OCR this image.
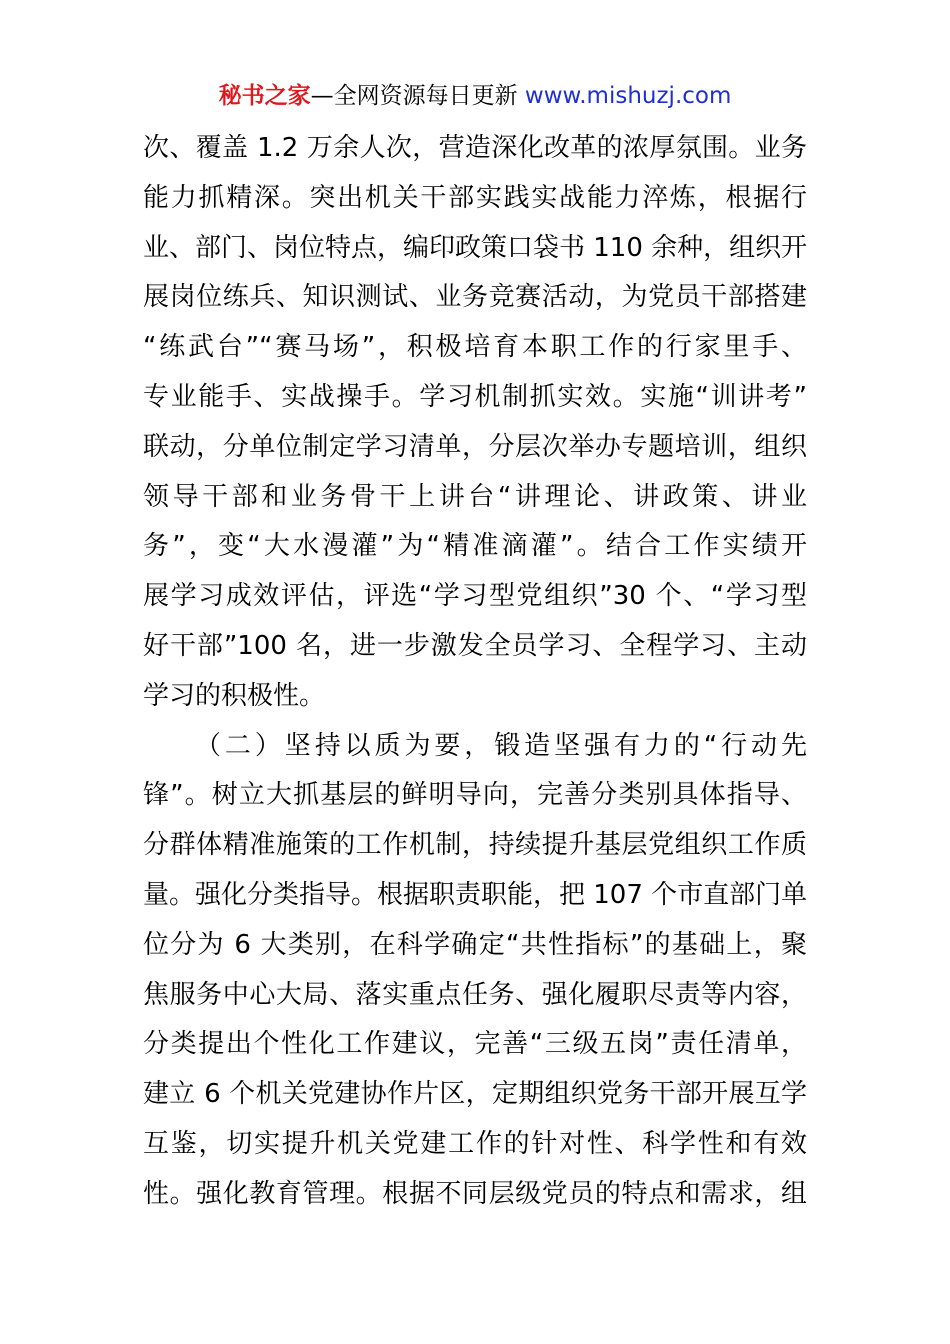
秘书之家—全网资源每日更新 www.mishuzj.com
次、覆盖 1.2 万余人次，营造深化改革的浓厚氛围。业务
能力抓精深。突出机关干部实践实战能力淬炼，根据行
业、部门、岗位特点，编印政策口袋书 110 余种，组织开
展岗位练兵、知识测试、业务竞赛活动，为党员干部搭建
“练武台”“赛马场”，积极培育本职工作的行家里手、
专业能手、实战操手。学习机制抓实效。实施“训讲考”
联动，分单位制定学习清单，分层次举办专题培训，组织
领导干部和业务骨干上讲台“讲理论、讲政策、讲业
务”，变“大水漫灌”为“精准滴灌”。结合工作实绩开
展学习成效评估，评选“学习型党组织”30 个、“学习型
好干部”100 名，进一步激发全员学习、全程学习、主动
学习的积极性。
（二）坚持以质为要，锻造坚强有力的“行动先
锋”。树立大抓基层的鲜明导向，完善分类别具体指导、
分群体精准施策的工作机制，持续提升基层党组织工作质
量。强化分类指导。根据职责职能，把 107 个市直部门单
位分为 6 大类别，在科学确定“共性指标”的基础上，聚
焦服务中心大局、落实重点任务、强化履职尽责等内容，
分类提出个性化工作建议，完善“三级五岗”责任清单，
建立 6 个机关党建协作片区，定期组织党务干部开展互学
互鉴，切实提升机关党建工作的针对性、科学性和有效
性。强化教育管理。根据不同层级党员的特点和需求，组
